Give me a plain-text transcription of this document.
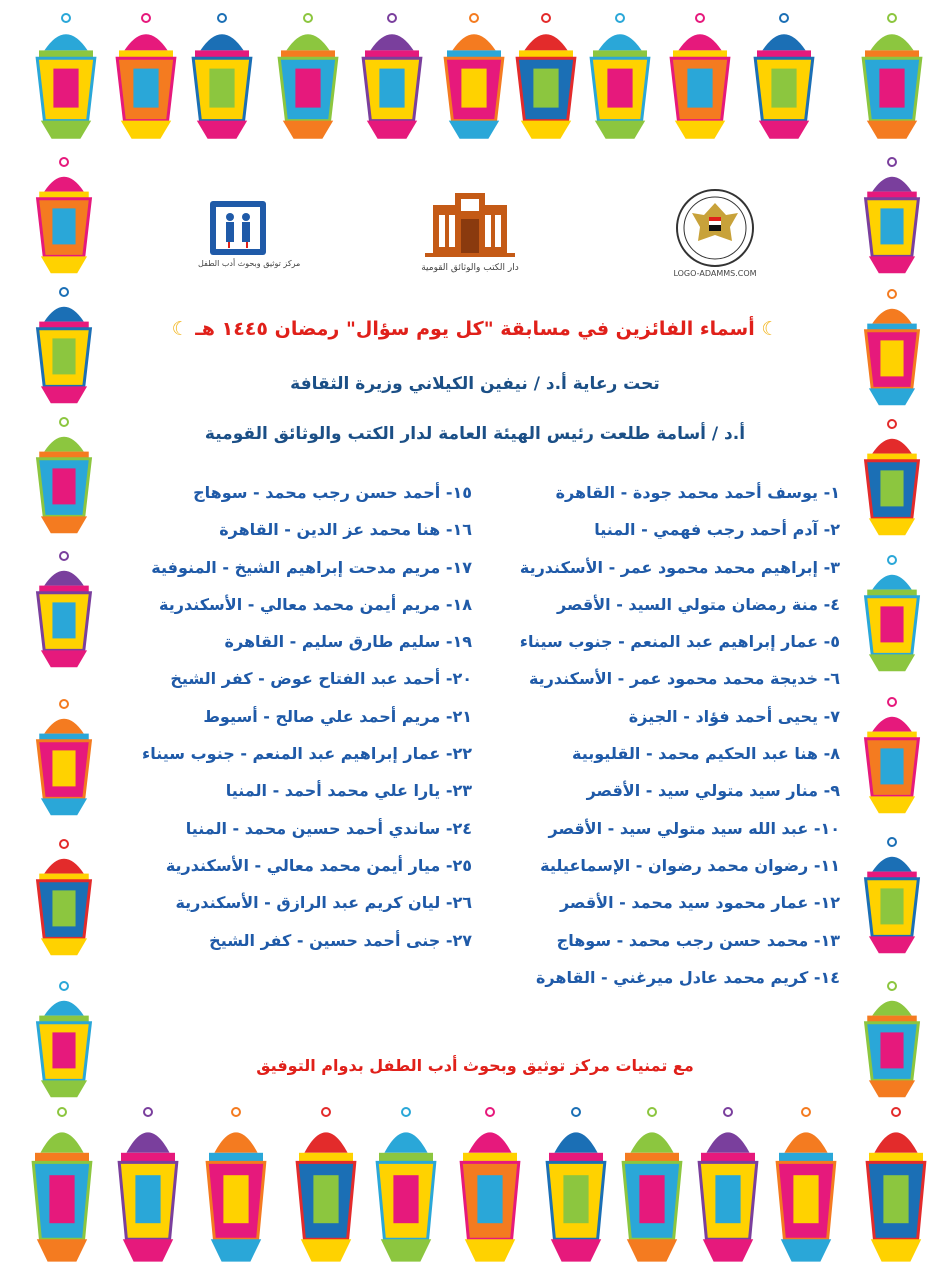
مركز توثيق وبحوث أدب الطفل	دار الكتب والوثائق القومية
LOGO-ADAMMS.COM
☾ أسماء الفائزين في مسابقة "كل يوم سؤال" رمضان ١٤٤٥ هـ ☾
تحت رعاية أ.د / نيفين الكيلاني وزيرة الثقافة
أ.د / أسامة طلعت رئيس الهيئة العامة لدار الكتب والوثائق القومية
١- يوسف أحمد محمد جودة - القاهرة
٢- آدم أحمد رجب فهمي - المنيا
٣- إبراهيم محمد محمود عمر - الأسكندرية
٤- منة رمضان متولي السيد - الأقصر
٥- عمار إبراهيم عبد المنعم - جنوب سيناء
٦- خديجة محمد محمود عمر - الأسكندرية
٧- يحيى أحمد فؤاد - الجيزة
٨- هنا عبد الحكيم محمد - القليوبية
٩- منار سيد متولي سيد - الأقصر
١٠- عبد الله سيد متولي سيد - الأقصر
١١- رضوان محمد رضوان - الإسماعيلية
١٢- عمار محمود سيد محمد - الأقصر
١٣- محمد حسن رجب محمد - سوهاج
١٤- كريم محمد عادل ميرغني - القاهرة
١٥- أحمد حسن رجب محمد - سوهاج
١٦- هنا محمد عز الدين - القاهرة
١٧- مريم مدحت إبراهيم الشيخ - المنوفية
١٨- مريم أيمن محمد معالي - الأسكندرية
١٩- سليم طارق سليم - القاهرة
٢٠- أحمد عبد الفتاح عوض - كفر الشيخ
٢١- مريم أحمد علي صالح - أسيوط
٢٢- عمار إبراهيم عبد المنعم - جنوب سيناء
٢٣- يارا علي محمد أحمد - المنيا
٢٤- ساندي أحمد حسين محمد - المنيا
٢٥- ميار أيمن محمد معالي - الأسكندرية
٢٦- ليان كريم عبد الرازق - الأسكندرية
٢٧- جنى أحمد حسين - كفر الشيخ
مع تمنيات مركز توثيق وبحوث أدب الطفل بدوام التوفيق
